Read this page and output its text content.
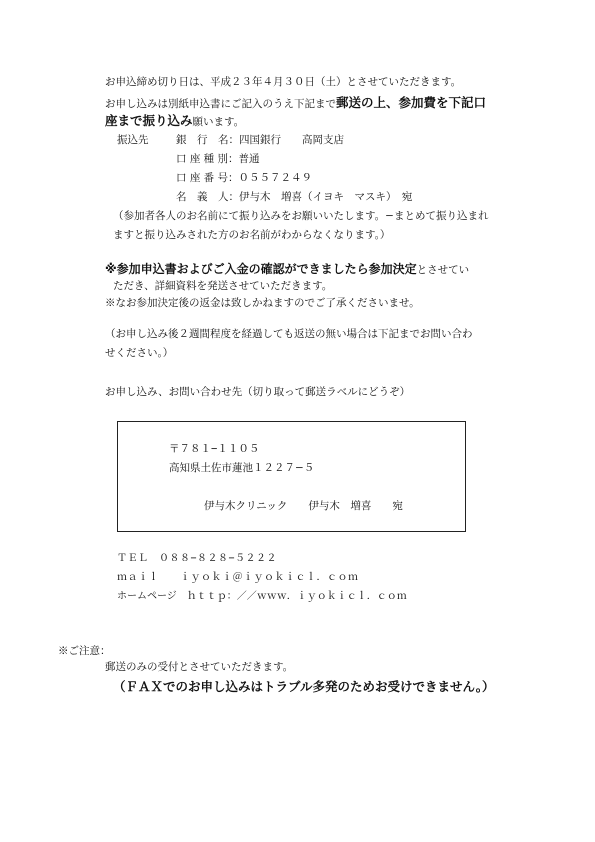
お申込締め切り日は、平成２３年４月３０日（土）とさせていただきます。
お申し込みは別紙申込書にご記入のうえ下記まで郵送の上、参加費を下記口
座まで振り込み願います。
振込先	銀　行　名：四国銀行　　高岡支店
口 座 種 別：普通
口 座 番 号：０５５７２４９
名　義　人：伊与木　増喜（イヨキ　マスキ）　宛
（参加者各人のお名前にて振り込みをお願いいたします。−まとめて振り込まれ
ますと振り込みされた方のお名前がわからなくなります。）
※参加申込書およびご入金の確認ができましたら参加決定とさせてい
ただき、詳細資料を発送させていただきます。
※なお参加決定後の返金は致しかねますのでご了承くださいませ。
（お申し込み後２週間程度を経過しても返送の無い場合は下記までお問い合わ
せください。）
お申し込み、お問い合わせ先（切り取って郵送ラベルにどうぞ）
〒７８１−１１０５
高知県土佐市蓮池１２２７−５
伊与木クリニック　　伊与木　増喜　　宛
ＴＥＬ　０８８−８２８−５２２２
ｍａｉｌ　　ｉｙｏｋｉ＠ｉｙｏｋｉｃｌ．ｃｏｍ
ホームページ　ｈｔｔｐ：／／ｗｗｗ．ｉｙｏｋｉｃｌ．ｃｏｍ
※ご注意：
郵送のみの受付とさせていただきます。
（ＦＡＸでのお申し込みはトラブル多発のためお受けできません。）
